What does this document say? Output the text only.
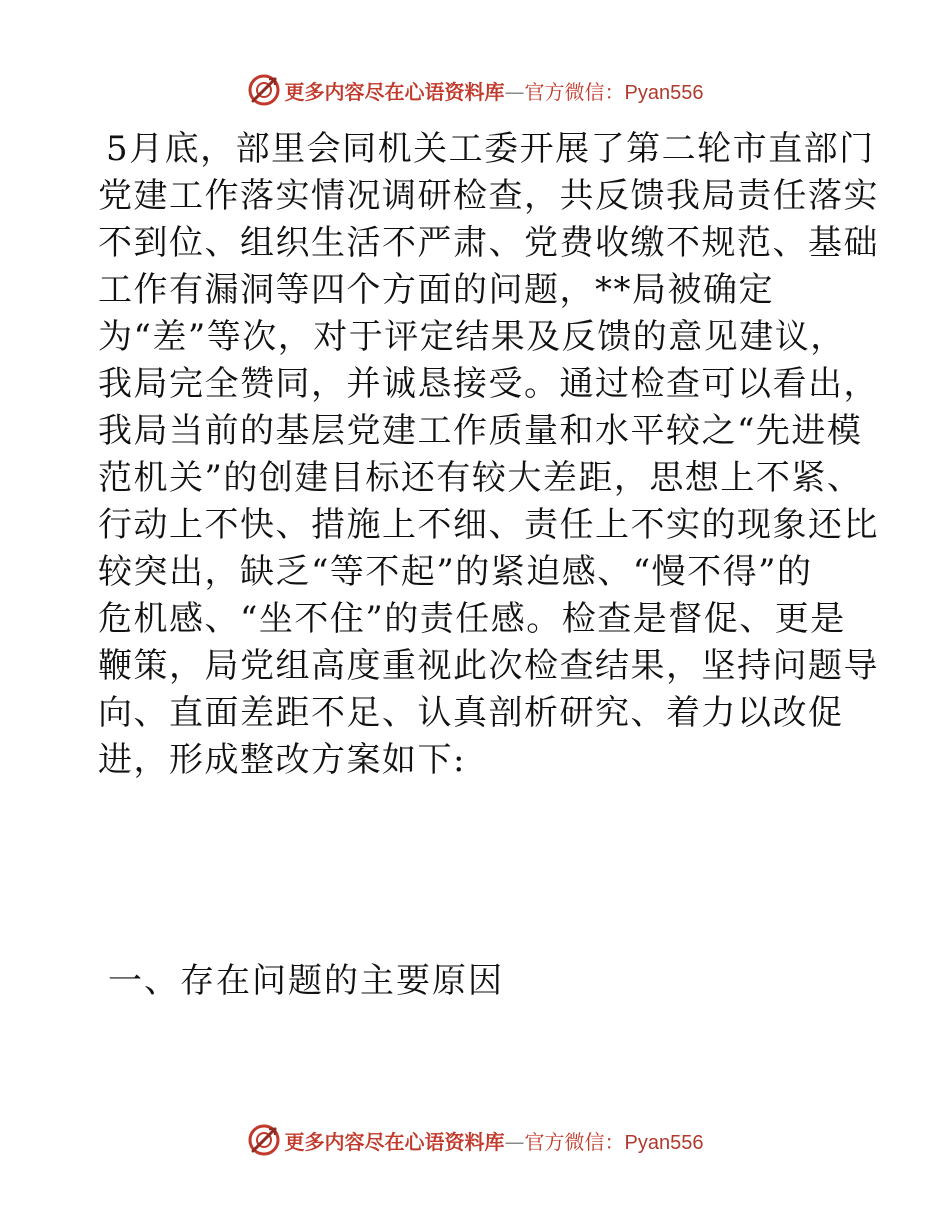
更多内容尽在心语资料库—官方微信：Pyan556
5月底，部里会同机关工委开展了第二轮市直部门
党建工作落实情况调研检查，共反馈我局责任落实
不到位、组织生活不严肃、党费收缴不规范、基础
工作有漏洞等四个方面的问题，**局被确定
为“差”等次，对于评定结果及反馈的意见建议，
我局完全赞同，并诚恳接受。通过检查可以看出，
我局当前的基层党建工作质量和水平较之“先进模
范机关”的创建目标还有较大差距，思想上不紧、
行动上不快、措施上不细、责任上不实的现象还比
较突出，缺乏“等不起”的紧迫感、“慢不得”的
危机感、“坐不住”的责任感。检查是督促、更是
鞭策，局党组高度重视此次检查结果，坚持问题导
向、直面差距不足、认真剖析研究、着力以改促
进，形成整改方案如下:
一、存在问题的主要原因
更多内容尽在心语资料库—官方微信：Pyan556
